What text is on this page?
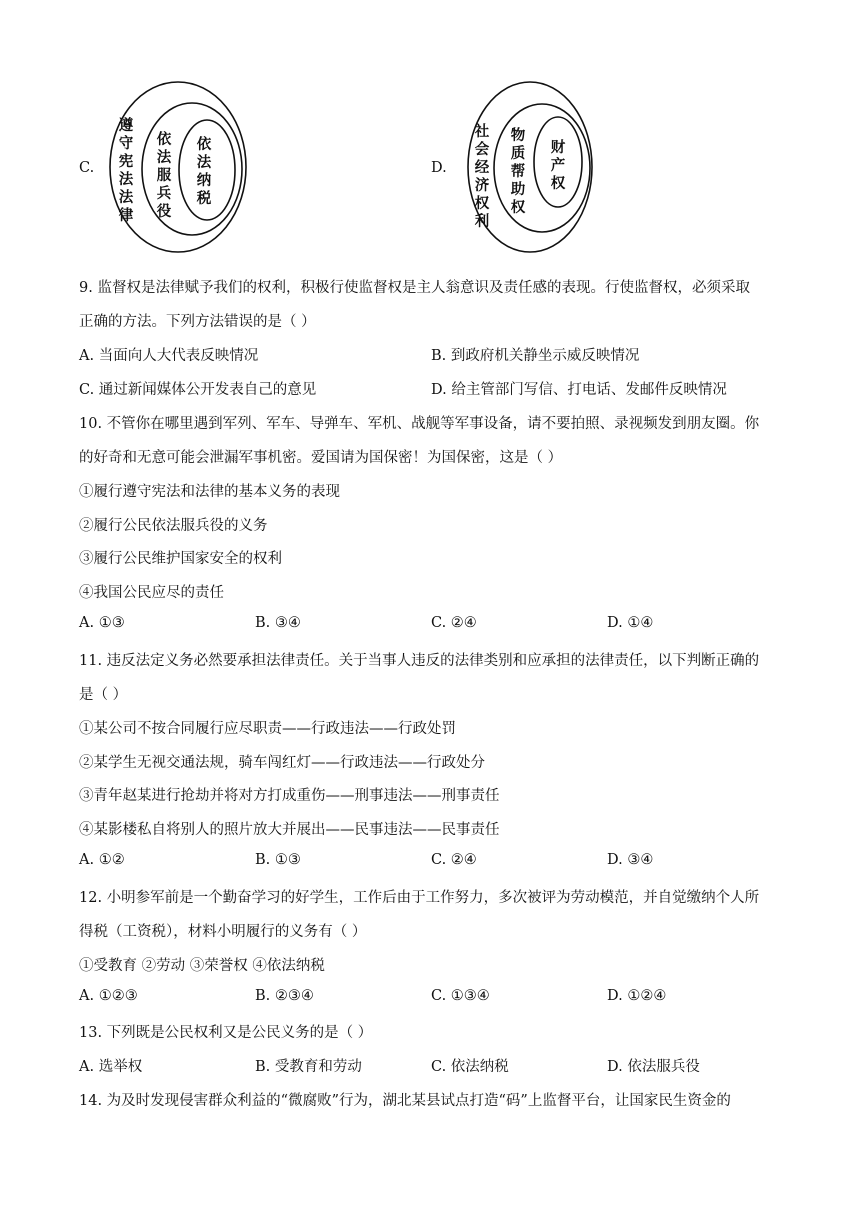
C.
遵守宪法法律
依法服兵役
依法纳税
D.
社会经济权利
物质帮助权
财产权
9. 监督权是法律赋予我们的权利，积极行使监督权是主人翁意识及责任感的表现。行使监督权，必须采取
正确的方法。下列方法错误的是（ ）
A. 当面向人大代表反映情况	B. 到政府机关静坐示威反映情况
C. 通过新闻媒体公开发表自己的意见	D. 给主管部门写信、打电话、发邮件反映情况
10. 不管你在哪里遇到军列、军车、导弹车、军机、战舰等军事设备，请不要拍照、录视频发到朋友圈。你
的好奇和无意可能会泄漏军事机密。爱国请为国保密！为国保密，这是（ ）
①履行遵守宪法和法律的基本义务的表现
②履行公民依法服兵役的义务
③履行公民维护国家安全的权利
④我国公民应尽的责任
A. ①③	B. ③④	C. ②④	D. ①④
11. 违反法定义务必然要承担法律责任。关于当事人违反的法律类别和应承担的法律责任，以下判断正确的
是（ ）
①某公司不按合同履行应尽职责——行政违法——行政处罚
②某学生无视交通法规，骑车闯红灯——行政违法——行政处分
③青年赵某进行抢劫并将对方打成重伤——刑事违法——刑事责任
④某影楼私自将别人的照片放大并展出——民事违法——民事责任
A. ①②	B. ①③	C. ②④	D. ③④
12. 小明参军前是一个勤奋学习的好学生，工作后由于工作努力，多次被评为劳动模范，并自觉缴纳个人所
得税（工资税），材料小明履行的义务有（ ）
①受教育 ②劳动 ③荣誉权 ④依法纳税
A. ①②③	B. ②③④	C. ①③④	D. ①②④
13. 下列既是公民权利又是公民义务的是（ ）
A. 选举权	B. 受教育和劳动	C. 依法纳税	D. 依法服兵役
14. 为及时发现侵害群众利益的“微腐败”行为，湖北某县试点打造“码”上监督平台，让国家民生资金的
